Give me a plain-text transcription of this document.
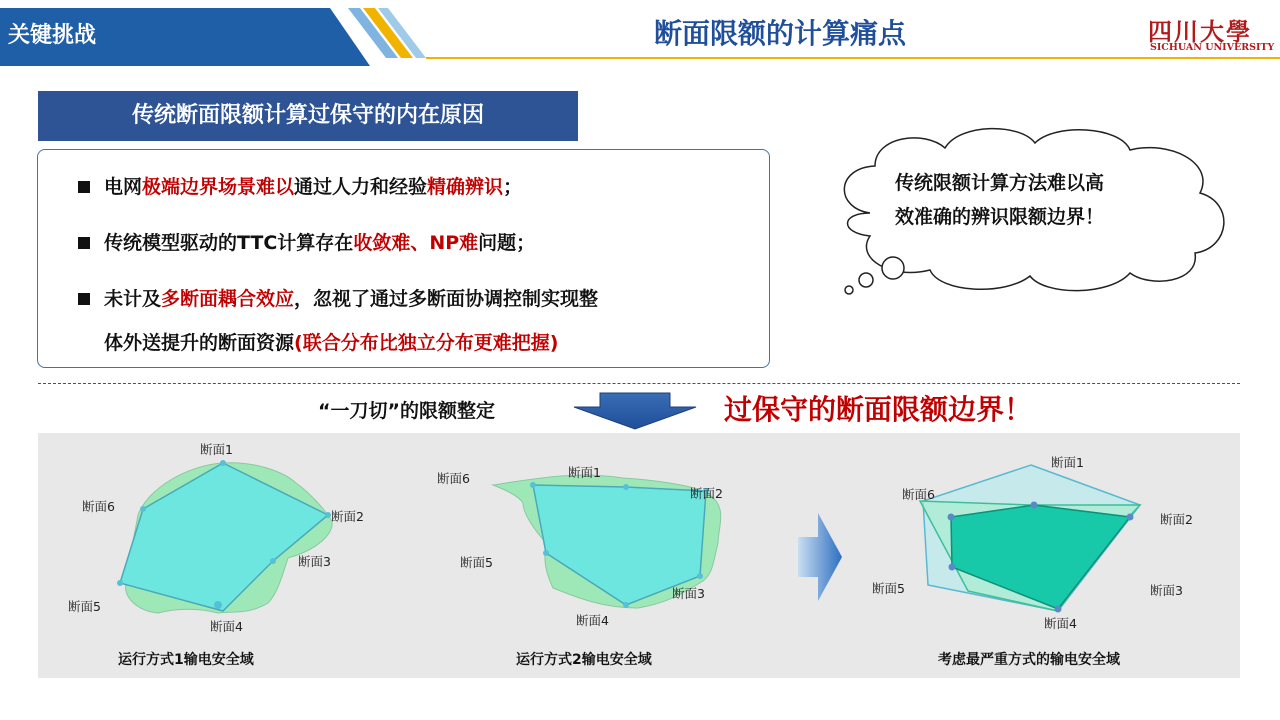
关键挑战	断面限额的计算痛点	四川大學
SICHUAN UNIVERSITY
传统断面限额计算过保守的内在原因
电网极端边界场景难以通过人力和经验精确辨识；
传统模型驱动的TTC计算存在收敛难、NP难问题；
未计及多断面耦合效应，忽视了通过多断面协调控制实现整
体外送提升的断面资源(联合分布比独立分布更难把握)
传统限额计算方法难以高
效准确的辨识限额边界！
“一刀切”的限额整定	过保守的断面限额边界！
断面1
断面2
断面3
断面4
断面5
断面6
运行方式1输电安全域
断面1
断面2
断面3
断面4
断面5
断面6
运行方式2输电安全域
断面1
断面2
断面3
断面4
断面5
断面6
考虑最严重方式的输电安全域
